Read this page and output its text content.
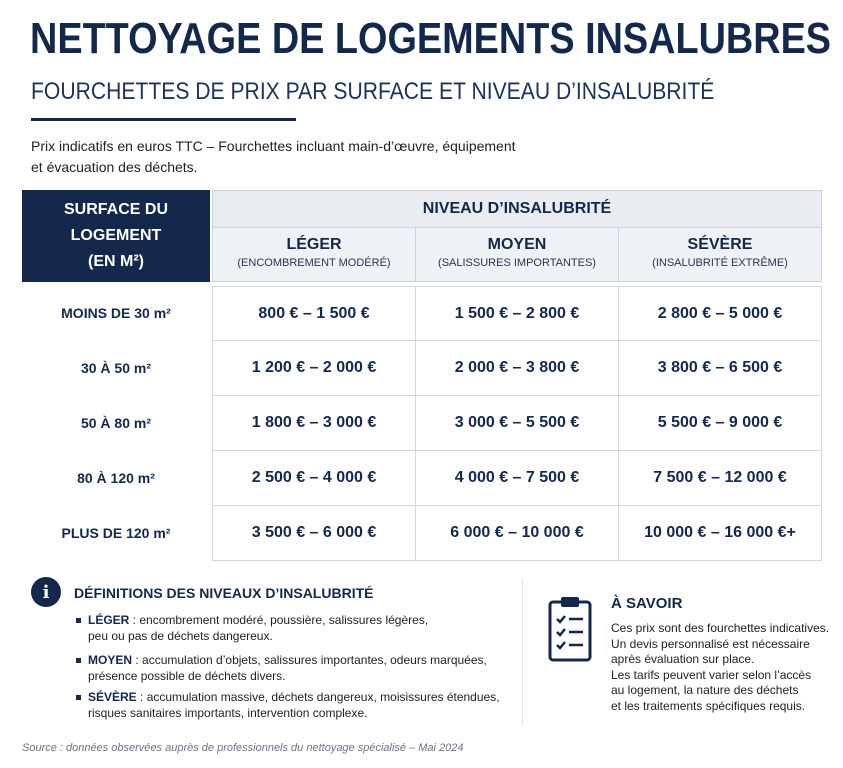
NETTOYAGE DE LOGEMENTS INSALUBRES
FOURCHETTES DE PRIX PAR SURFACE ET NIVEAU D’INSALUBRITÉ
Prix indicatifs en euros TTC – Fourchettes incluant main-d’œuvre, équipement
et évacuation des déchets.
SURFACE DU LOGEMENT
(EN M²)
NIVEAU D’INSALUBRITÉ
LÉGER
(ENCOMBREMENT MODÉRÉ)
MOYEN
(SALISSURES IMPORTANTES)
SÉVÈRE
(INSALUBRITÉ EXTRÊME)
MOINS DE 30 m²	800 € – 1 500 €	1 500 € – 2 800 €	2 800 € – 5 000 €
30 À 50 m²	1 200 € – 2 000 €	2 000 € – 3 800 €	3 800 € – 6 500 €
50 À 80 m²	1 800 € – 3 000 €	3 000 € – 5 500 €	5 500 € – 9 000 €
80 À 120 m²	2 500 € – 4 000 €	4 000 € – 7 500 €	7 500 € – 12 000 €
PLUS DE 120 m²	3 500 € – 6 000 €	6 000 € – 10 000 €	10 000 € – 16 000 €+
i	DÉFINITIONS DES NIVEAUX D’INSALUBRITÉ
LÉGER : encombrement modéré, poussière, salissures légères,
peu ou pas de déchets dangereux.
MOYEN : accumulation d’objets, salissures importantes, odeurs marquées,
présence possible de déchets divers.
SÉVÈRE : accumulation massive, déchets dangereux, moisissures étendues,
risques sanitaires importants, intervention complexe.
À SAVOIR
Ces prix sont des fourchettes indicatives.
Un devis personnalisé est nécessaire
après évaluation sur place.
Les tarifs peuvent varier selon l’accès
au logement, la nature des déchets
et les traitements spécifiques requis.
Source : données observées auprès de professionnels du nettoyage spécialisé – Mai 2024
